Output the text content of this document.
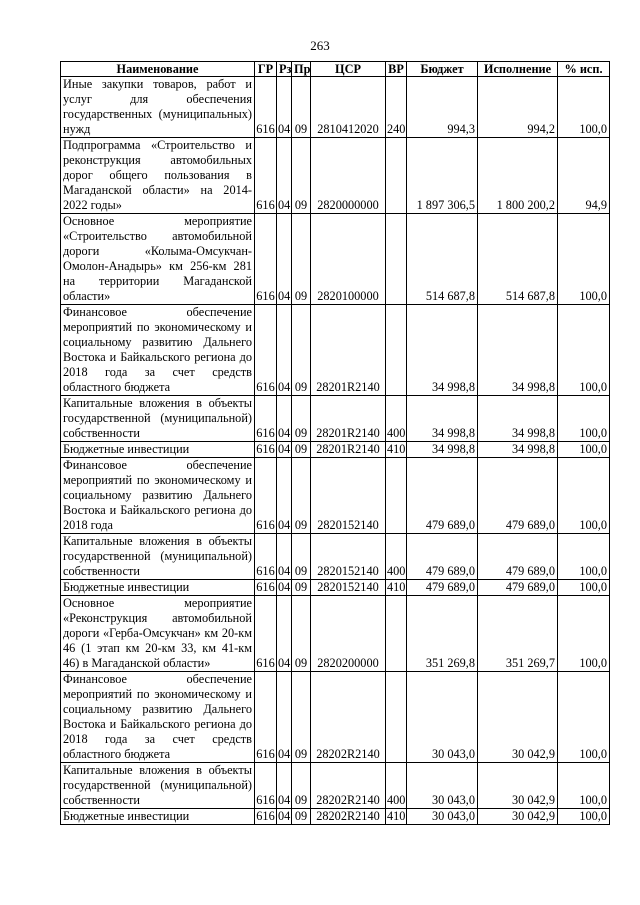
263
Наименование	ГР	Рз	Пр	ЦСР	ВР	Бюджет	Исполнение	% исп.
Иные закупки товаров, работ и услуг для обеспечения государственных (муниципальных) нужд	616	04	09	2810412020	240	994,3	994,2	100,0
Подпрограмма «Строительство и реконструкция автомобильных дорог общего пользования в Магаданской области» на 2014-2022 годы»	616	04	09	2820000000		1 897 306,5	1 800 200,2	94,9
Основное мероприятие «Строительство автомобильной дороги «Колыма-Омсукчан-Омолон-Анадырь» км 256-км 281 на территории Магаданской области»	616	04	09	2820100000		514 687,8	514 687,8	100,0
Финансовое обеспечение мероприятий по экономическому и социальному развитию Дальнего Востока и Байкальского региона до 2018 года за счет средств областного бюджета	616	04	09	28201R2140		34 998,8	34 998,8	100,0
Капитальные вложения в объекты государственной (муниципальной) собственности	616	04	09	28201R2140	400	34 998,8	34 998,8	100,0
Бюджетные инвестиции	616	04	09	28201R2140	410	34 998,8	34 998,8	100,0
Финансовое обеспечение мероприятий по экономическому и социальному развитию Дальнего Востока и Байкальского региона до 2018 года	616	04	09	2820152140		479 689,0	479 689,0	100,0
Капитальные вложения в объекты государственной (муниципальной) собственности	616	04	09	2820152140	400	479 689,0	479 689,0	100,0
Бюджетные инвестиции	616	04	09	2820152140	410	479 689,0	479 689,0	100,0
Основное мероприятие «Реконструкция автомобильной дороги «Герба-Омсукчан» км 20-км 46 (1 этап км 20-км 33, км 41-км 46) в Магаданской области»	616	04	09	2820200000		351 269,8	351 269,7	100,0
Финансовое обеспечение мероприятий по экономическому и социальному развитию Дальнего Востока и Байкальского региона до 2018 года за счет средств областного бюджета	616	04	09	28202R2140		30 043,0	30 042,9	100,0
Капитальные вложения в объекты государственной (муниципальной) собственности	616	04	09	28202R2140	400	30 043,0	30 042,9	100,0
Бюджетные инвестиции	616	04	09	28202R2140	410	30 043,0	30 042,9	100,0
